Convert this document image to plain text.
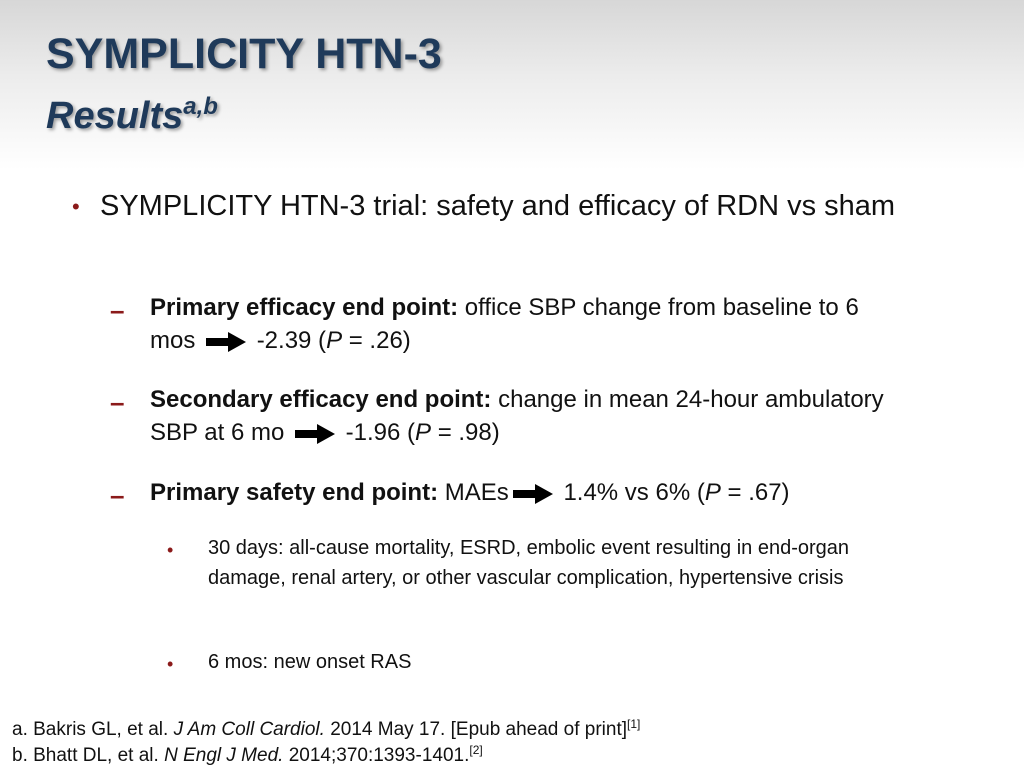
SYMPLICITY HTN-3
Results$^{a,b}$
• SYMPLICITY HTN-3 trial: safety and efficacy of RDN vs sham
– Primary efficacy end point: office SBP change from baseline to 6 mos	-2.39 (P = .26)
– Secondary efficacy end point: change in mean 24-hour ambulatory SBP at 6 mo	-1.96 (P = .98)
– Primary safety end point: MAEs 1.4% vs 6% (P = .67)
• 30 days: all-cause mortality, ESRD, embolic event resulting in end-organ damage, renal artery, or other vascular complication, hypertensive crisis
• 6 mos: new onset RAS
a. Bakris GL, et al. J Am Coll Cardiol. 2014 May 17. [Epub ahead of print][1]
b. Bhatt DL, et al. N Engl J Med. 2014;370:1393-1401.[2]
